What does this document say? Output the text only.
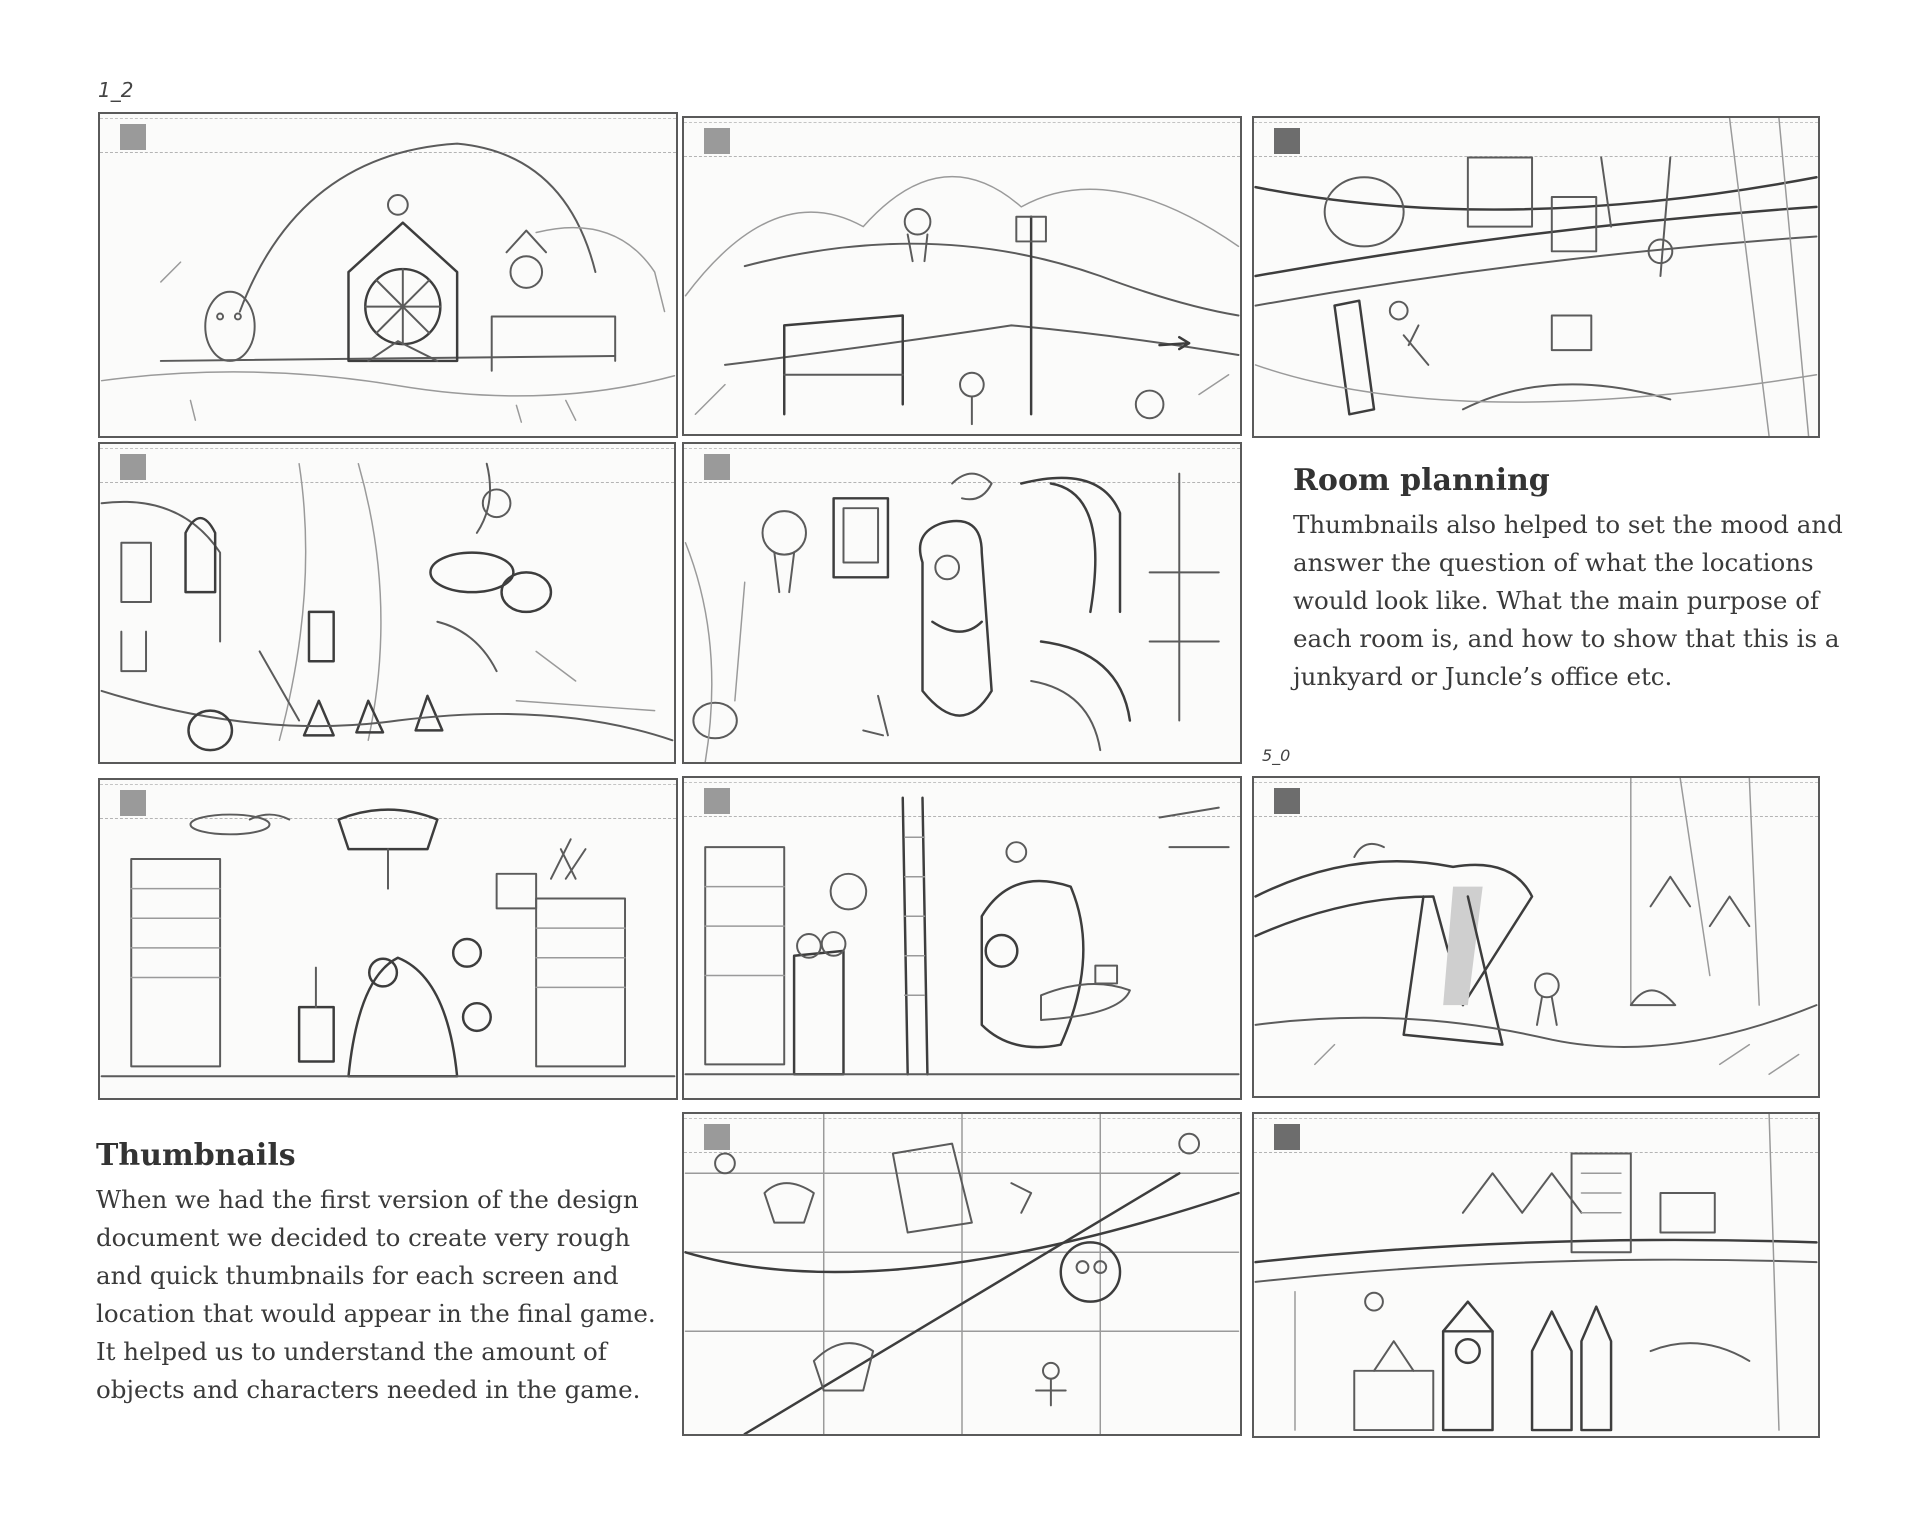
1_2
5_0
Room planning

Thumbnails also helped to set the mood and
answer the question of what the locations
would look like. What the main purpose of
each room is, and how to show that this is a
junkyard or Juncle’s office etc.

Thumbnails

When we had the first version of the design
document we decided to create very rough
and quick thumbnails for each screen and
location that would appear in the final game.
It helped us to understand the amount of
objects and characters needed in the game.
